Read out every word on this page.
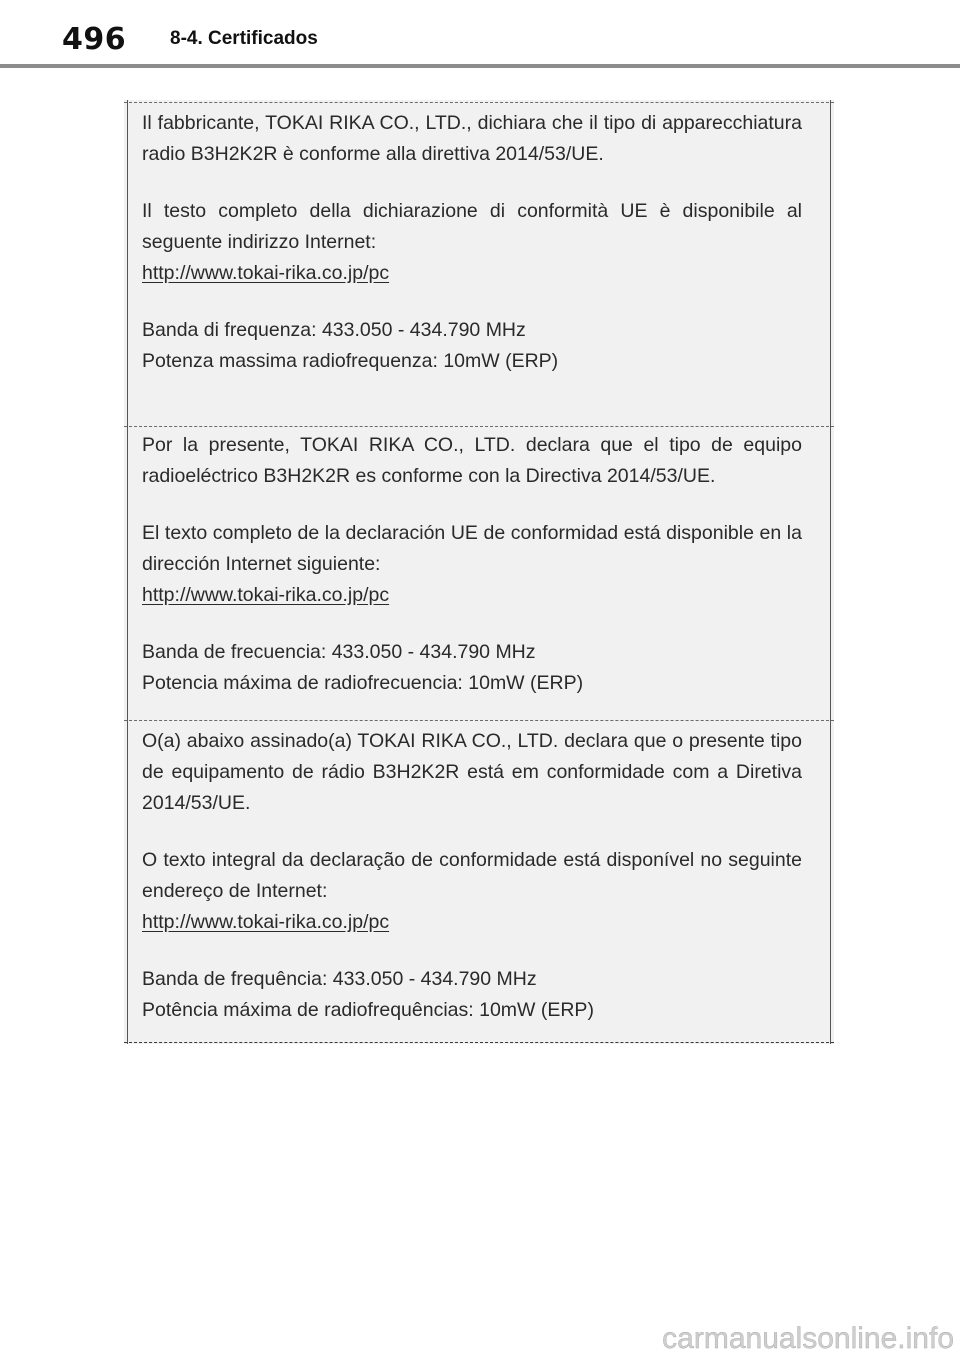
496 8-4. Certificados

Il fabbricante, TOKAI RIKA CO., LTD., dichiara che il tipo di apparecchiatura radio B3H2K2R è conforme alla direttiva 2014/53/UE.

Il testo completo della dichiarazione di conformità UE è disponibile al seguente indirizzo Internet:

http://www.tokai-rika.co.jp/pc

Banda di frequenza: 433.050 - 434.790 MHz

Potenza massima radiofrequenza: 10mW (ERP)

Por la presente, TOKAI RIKA CO., LTD. declara que el tipo de equipo radioeléctrico B3H2K2R es conforme con la Directiva 2014/53/UE.

El texto completo de la declaración UE de conformidad está disponible en la dirección Internet siguiente:

http://www.tokai-rika.co.jp/pc

Banda de frecuencia: 433.050 - 434.790 MHz

Potencia máxima de radiofrecuencia: 10mW (ERP)

O(a) abaixo assinado(a) TOKAI RIKA CO., LTD. declara que o presente tipo de equipamento de rádio B3H2K2R está em conformidade com a Diretiva 2014/53/UE.

O texto integral da declaração de conformidade está disponível no seguinte endereço de Internet:

http://www.tokai-rika.co.jp/pc

Banda de frequência: 433.050 - 434.790 MHz

Potência máxima de radiofrequências: 10mW (ERP)

carmanualsonline.info
